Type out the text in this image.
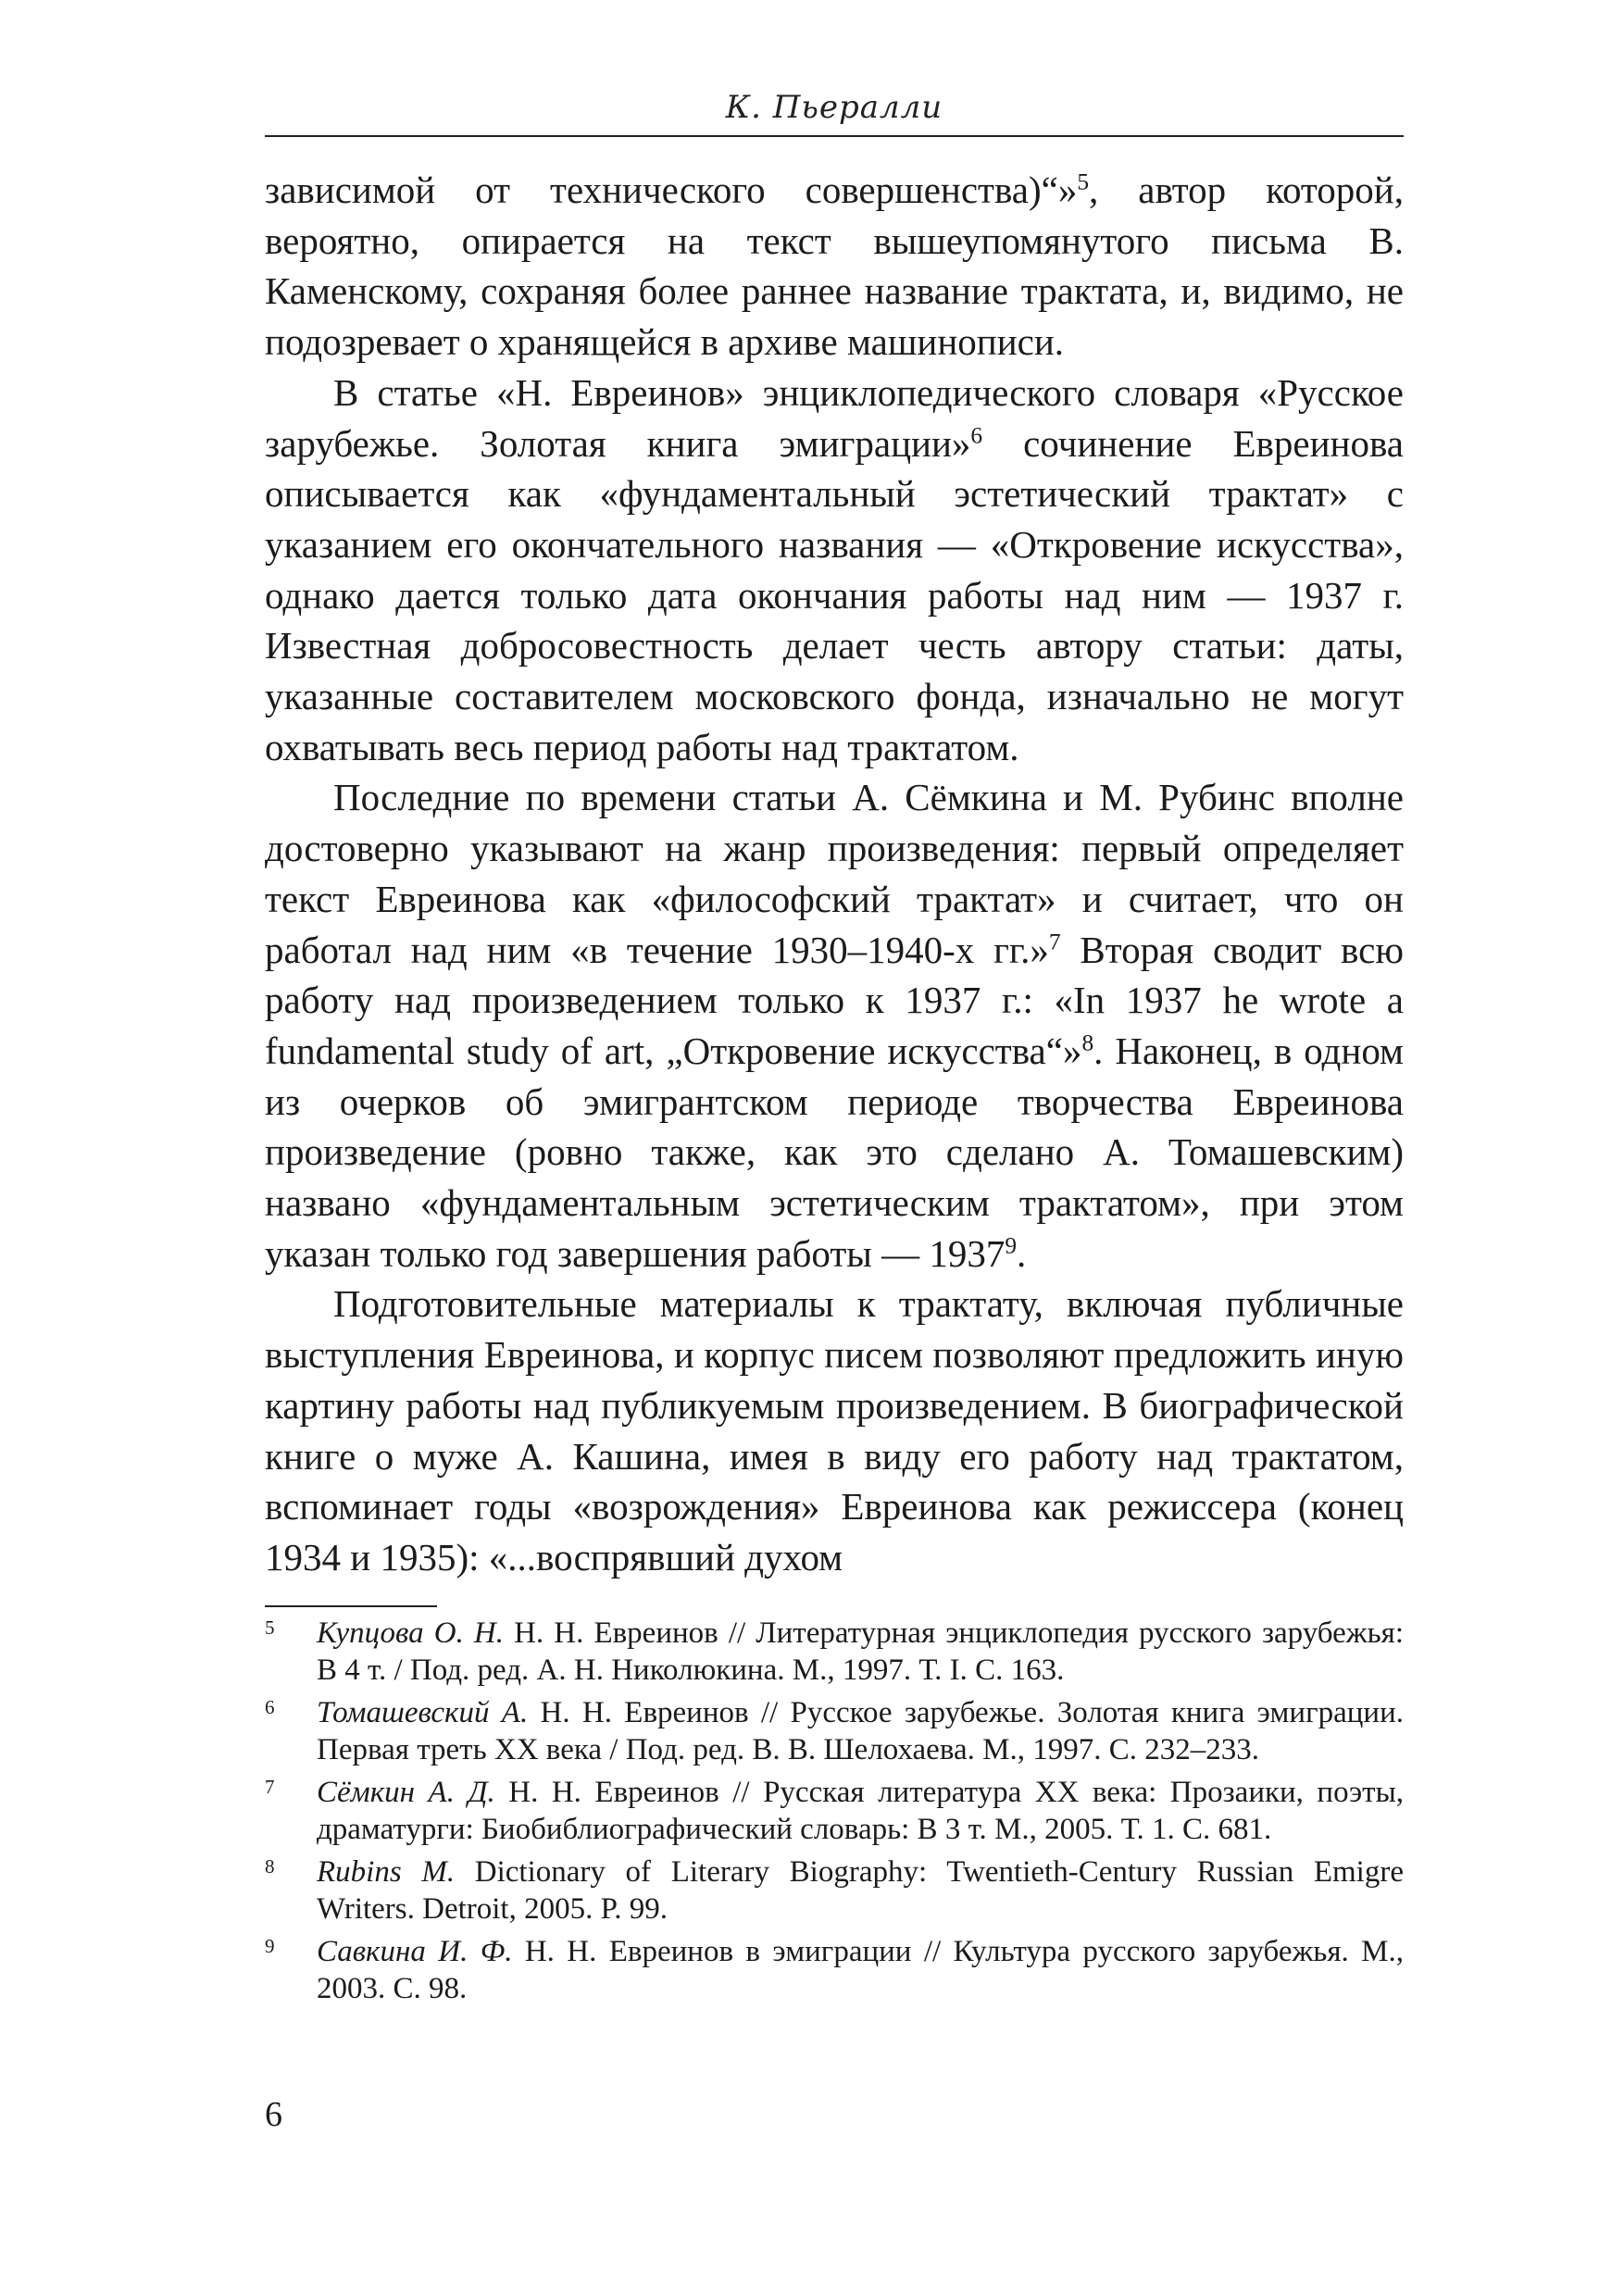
К. Пьералли

зависимой от технического совершенства)“»$^5$, автор которой, вероятно, опирается на текст вышеупомянутого письма В. Каменскому, сохраняя более раннее название трактата, и, видимо, не подозревает о хранящейся в архиве машинописи.

В статье «Н. Евреинов» энциклопедического словаря «Русское зарубежье. Золотая книга эмиграции»$^6$ сочинение Евреинова описывается как «фундаментальный эстетический трактат» с указанием его окончательного названия — «Откровение искусства», однако дается только дата окончания работы над ним — 1937 г. Известная добросовестность делает честь автору статьи: даты, указанные составителем московского фонда, изначально не могут охватывать весь период работы над трактатом.

Последние по времени статьи А. Сёмкина и М. Рубинс вполне достоверно указывают на жанр произведения: первый определяет текст Евреинова как «философский трактат» и считает, что он работал над ним «в течение 1930–1940-х гг.»$^7$ Вторая сводит всю работу над произведением только к 1937 г.: «In 1937 he wrote a fundamental study of art, „Откровение искусства“»$^8$. Наконец, в одном из очерков об эмигрантском периоде творчества Евреинова произведение (ровно также, как это сделано А. Томашевским) названо «фундаментальным эстетическим трактатом», при этом указан только год завершения работы — 1937$^9$.

Подготовительные материалы к трактату, включая публичные выступления Евреинова, и корпус писем позволяют предложить иную картину работы над публикуемым произведением. В биографической книге о муже А. Кашина, имея в виду его работу над трактатом, вспоминает годы «возрождения» Евреинова как режиссера (конец 1934 и 1935): «...воспрявший духом

5 Купцова О. Н. Н. Н. Евреинов // Литературная энциклопедия русского зарубежья: В 4 т. / Под. ред. А. Н. Николюкина. М., 1997. Т. I. С. 163.
6 Томашевский А. Н. Н. Евреинов // Русское зарубежье. Золотая книга эмиграции. Первая треть XX века / Под. ред. В. В. Шелохаева. М., 1997. С. 232–233.
7 Сёмкин А. Д. Н. Н. Евреинов // Русская литература XX века: Прозаики, поэты, драматурги: Биобиблиографический словарь: В 3 т. М., 2005. Т. 1. С. 681.
8 Rubins M. Dictionary of Literary Biography: Twentieth-Century Russian Emigre Writers. Detroit, 2005. P. 99.
9 Савкина И. Ф. Н. Н. Евреинов в эмиграции // Культура русского зарубежья. М., 2003. С. 98.
6
